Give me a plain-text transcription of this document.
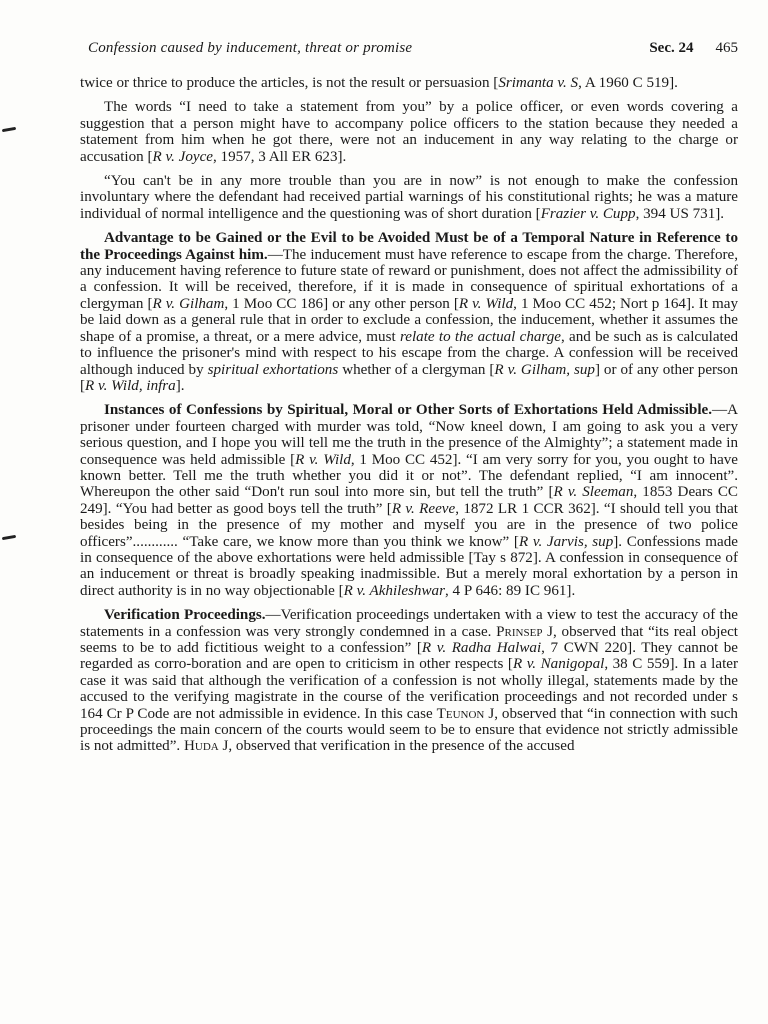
Confession caused by inducement, threat or promise	Sec. 24 465

twice or thrice to produce the articles, is not the result or persuasion [Srimanta v. S, A 1960 C 519].

The words “I need to take a statement from you” by a police officer, or even words covering a suggestion that a person might have to accompany police officers to the station because they needed a statement from him when he got there, were not an inducement in any way relating to the charge or accusation [R v. Joyce, 1957, 3 All ER 623].

“You can't be in any more trouble than you are in now” is not enough to make the confession involuntary where the defendant had received partial warnings of his constitutional rights; he was a mature individual of normal intelligence and the questioning was of short duration [Frazier v. Cupp, 394 US 731].

Advantage to be Gained or the Evil to be Avoided Must be of a Temporal Nature in Reference to the Proceedings Against him.—The inducement must have reference to escape from the charge. Therefore, any inducement having reference to future state of reward or punishment, does not affect the admissibility of a confession. It will be received, therefore, if it is made in consequence of spiritual exhortations of a clergyman [R v. Gilham, 1 Moo CC 186] or any other person [R v. Wild, 1 Moo CC 452; Nort p 164]. It may be laid down as a general rule that in order to exclude a confession, the inducement, whether it assumes the shape of a promise, a threat, or a mere advice, must relate to the actual charge, and be such as is calculated to influence the prisoner's mind with respect to his escape from the charge. A confession will be received although induced by spiritual exhortations whether of a clergyman [R v. Gilham, sup] or of any other person [R v. Wild, infra].

Instances of Confessions by Spiritual, Moral or Other Sorts of Exhortations Held Admissible.—A prisoner under fourteen charged with murder was told, “Now kneel down, I am going to ask you a very serious question, and I hope you will tell me the truth in the presence of the Almighty”; a statement made in consequence was held admissible [R v. Wild, 1 Moo CC 452]. “I am very sorry for you, you ought to have known better. Tell me the truth whether you did it or not”. The defendant replied, “I am innocent”. Whereupon the other said “Don't run soul into more sin, but tell the truth” [R v. Sleeman, 1853 Dears CC 249]. “You had better as good boys tell the truth” [R v. Reeve, 1872 LR 1 CCR 362]. “I should tell you that besides being in the presence of my mother and myself you are in the presence of two police officers”............ “Take care, we know more than you think we know” [R v. Jarvis, sup]. Confessions made in consequence of the above exhortations were held admissible [Tay s 872]. A confession in consequence of an inducement or threat is broadly speaking inadmissible. But a merely moral exhortation by a person in direct authority is in no way objectionable [R v. Akhileshwar, 4 P 646: 89 IC 961].

Verification Proceedings.—Verification proceedings undertaken with a view to test the accuracy of the statements in a confession was very strongly condemned in a case. Prinsep J, observed that “its real object seems to be to add fictitious weight to a confession” [R v. Radha Halwai, 7 CWN 220]. They cannot be regarded as corro-boration and are open to criticism in other respects [R v. Nanigopal, 38 C 559]. In a later case it was said that although the verification of a confession is not wholly illegal, statements made by the accused to the verifying magistrate in the course of the verification proceedings and not recorded under s 164 Cr P Code are not admissible in evidence. In this case Teunon J, observed that “in connection with such proceedings the main concern of the courts would seem to be to ensure that evidence not strictly admissible is not admitted”. Huda J, observed that verification in the presence of the accused
